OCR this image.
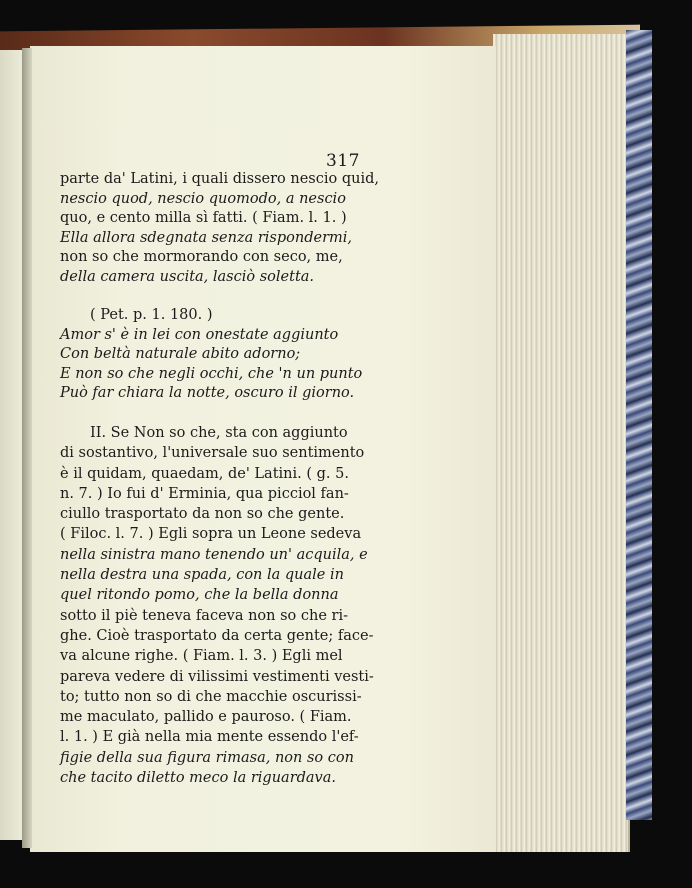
317
parte da' Latini, i quali dissero nescio quid,
nescio quod, nescio quomodo, a nescio
quo, e cento milla sì fatti. ( Fiam. l. 1. )
Ella allora sdegnata senza rispondermi,
non so che mormorando con seco, me,
della camera uscita, lasciò soletta.
( Pet. p. 1. 180. )
Amor s' è in lei con onestate aggiunto
Con beltà naturale abito adorno;
E non so che negli occhi, che 'n un punto
Può far chiara la notte, oscuro il giorno.
II. Se Non so che, sta con aggiunto
di sostantivo, l'universale suo sentimento
è il quidam, quaedam, de' Latini. ( g. 5.
n. 7. ) Io fui d' Erminia, qua picciol fan-
ciullo trasportato da non so che gente.
( Filoc. l. 7. ) Egli sopra un Leone sedeva
nella sinistra mano tenendo un' acquila, e
nella destra una spada, con la quale in
quel ritondo pomo, che la bella donna
sotto il piè teneva faceva non so che ri-
ghe. Cioè trasportato da certa gente; face-
va alcune righe. ( Fiam. l. 3. ) Egli mel
pareva vedere di vilissimi vestimenti vesti-
to; tutto non so di che macchie oscurissi-
me maculato, pallido e pauroso. ( Fiam.
l. 1. ) E già nella mia mente essendo l'ef-
figie della sua figura rimasa, non so con
che tacito diletto meco la riguardava.
